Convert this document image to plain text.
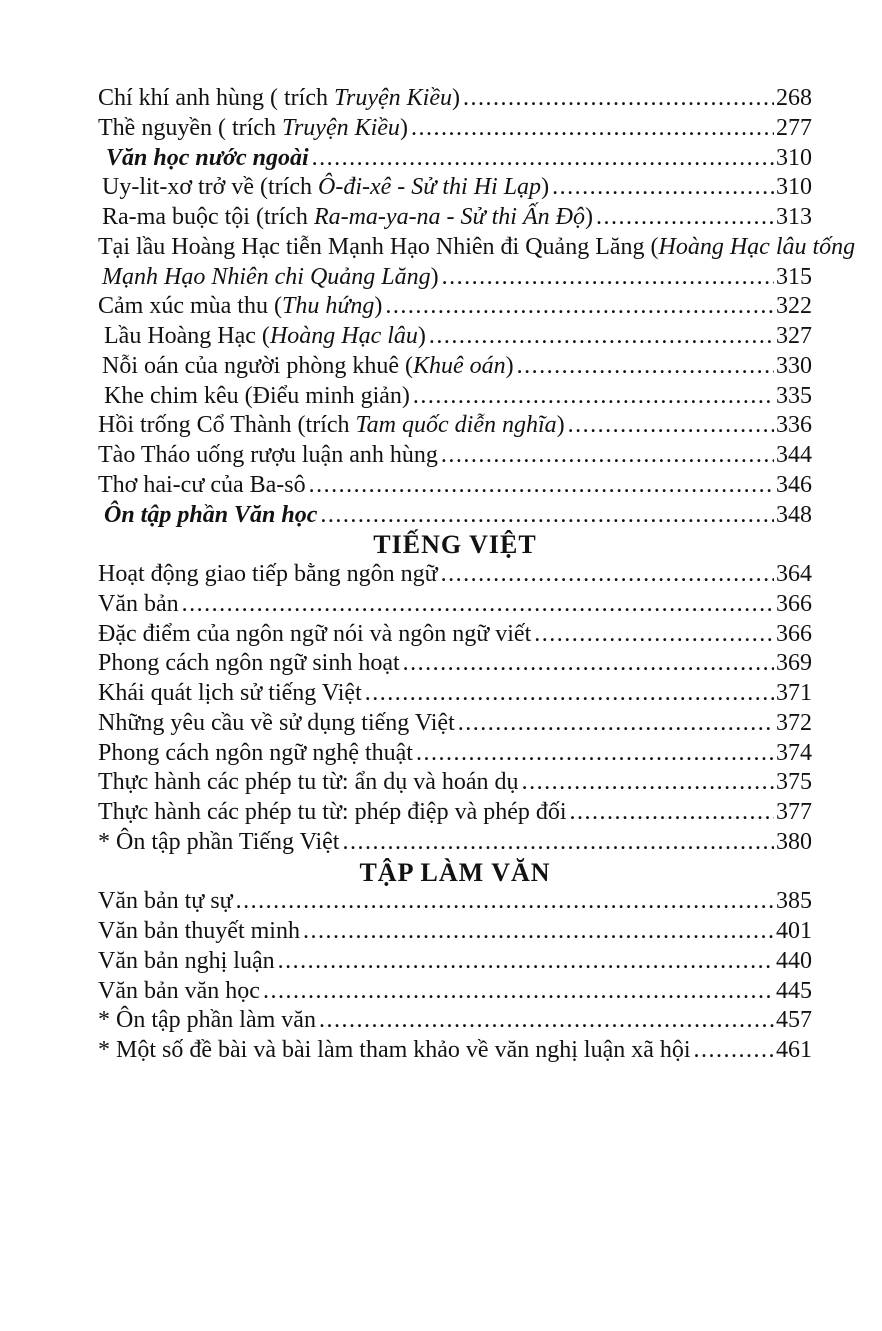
Chí khí anh hùng ( trích Truyện Kiều) .....	268
Thề nguyền ( trích Truyện Kiều) .....	277
Văn học nước ngoài .....	310
Uy-lit-xơ trở về (trích Ô-đi-xê - Sử thi Hi Lạp) .....	310
Ra-ma buộc tội (trích Ra-ma-ya-na - Sử thi Ấn Độ) .....	313
Tại lầu Hoàng Hạc tiễn Mạnh Hạo Nhiên đi Quảng Lăng (Hoàng Hạc lâu tống
Mạnh Hạo Nhiên chi Quảng Lăng) .....	315
Cảm xúc mùa thu (Thu hứng) .....	322
Lầu Hoàng Hạc (Hoàng Hạc lâu) .....	327
Nỗi oán của người phòng khuê (Khuê oán) .....	330
Khe chim kêu (Điểu minh giản) .....	335
Hồi trống Cổ Thành (trích Tam quốc diễn nghĩa) .....	336
Tào Tháo uống rượu luận anh hùng .....	344
Thơ hai-cư của Ba-sô .....	346
Ôn tập phần Văn học .....	348
TIẾNG VIỆT
Hoạt động giao tiếp bằng ngôn ngữ .....	364
Văn bản .....	366
Đặc điểm của ngôn ngữ nói và ngôn ngữ viết .....	366
Phong cách ngôn ngữ sinh hoạt .....	369
Khái quát lịch sử tiếng Việt .....	371
Những yêu cầu về sử dụng tiếng Việt .....	372
Phong cách ngôn ngữ nghệ thuật .....	374
Thực hành các phép tu từ: ẩn dụ và hoán dụ .....	375
Thực hành các phép tu từ: phép điệp và phép đối .....	377
* Ôn tập phần Tiếng Việt .....	380
TẬP LÀM VĂN
Văn bản tự sự .....	385
Văn bản thuyết minh .....	401
Văn bản nghị luận .....	440
Văn bản văn học .....	445
* Ôn tập phần làm văn .....	457
* Một số đề bài và bài làm tham khảo về văn nghị luận xã hội .....	461
